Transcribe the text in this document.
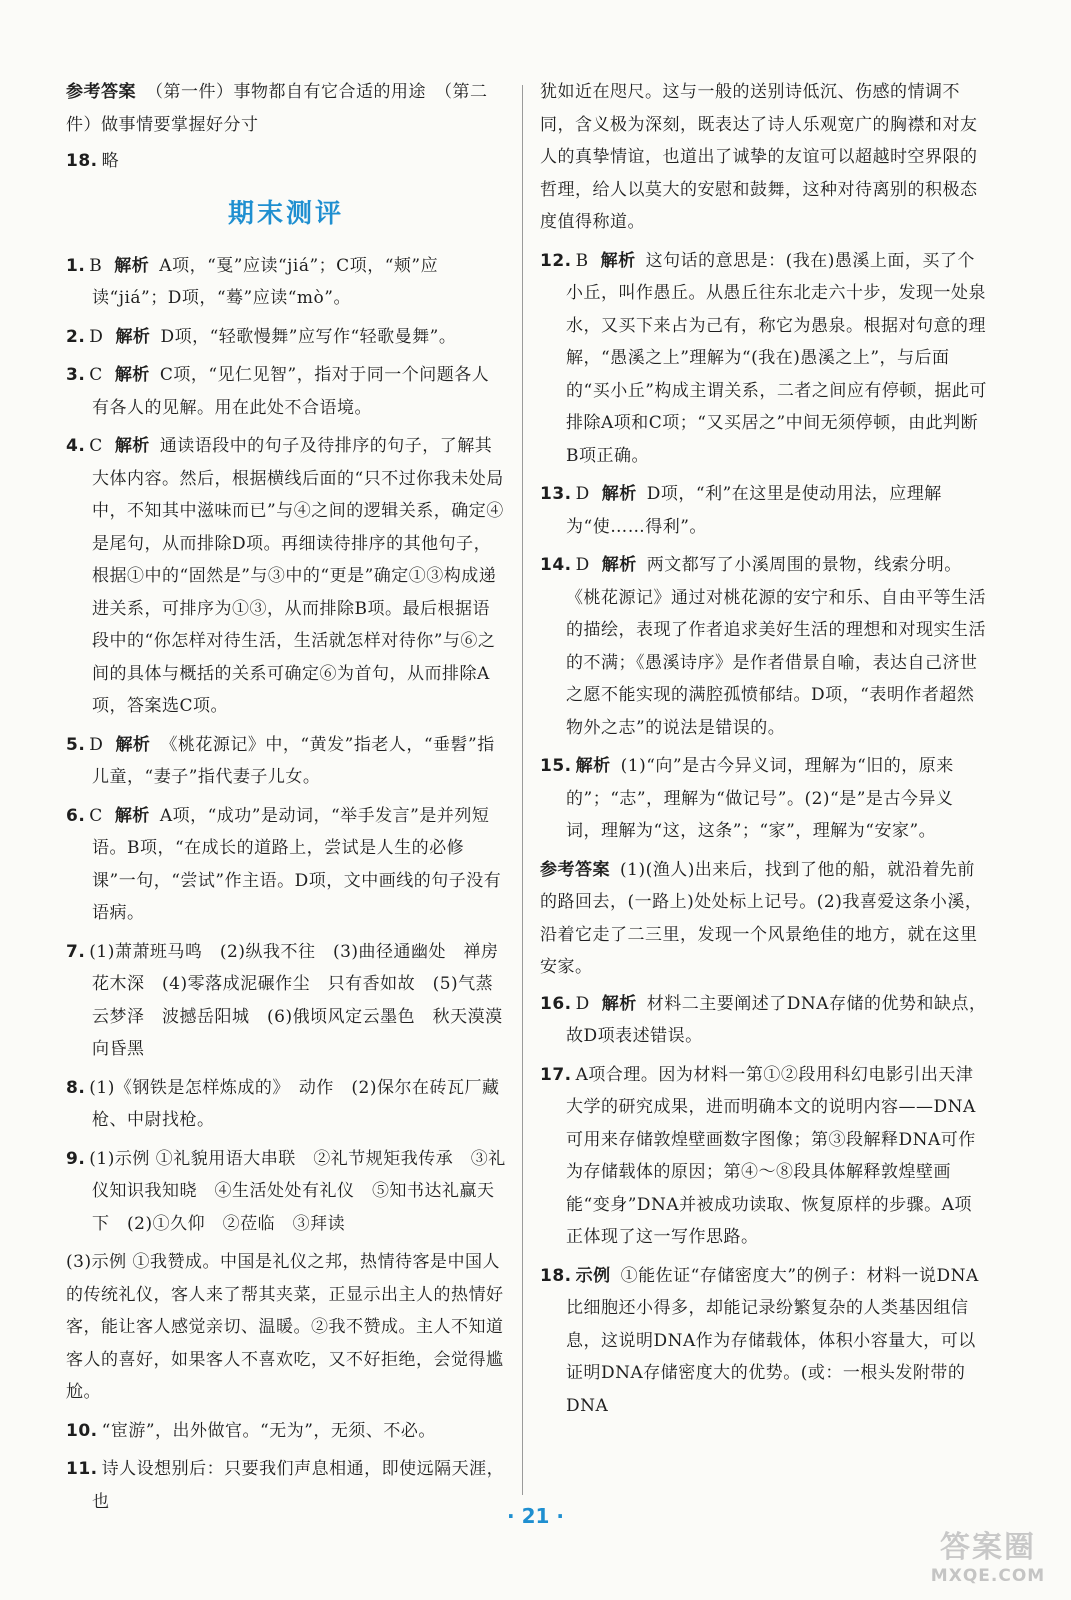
参考答案 （第一件）事物都自有它合适的用途　（第二件）做事情要掌握好分寸

18. 略

期末测评

1. B 解析 A项，“戛”应读“jiá”；C项，“颊”应读“jiá”；D项，“蓦”应读“mò”。

2. D 解析 D项，“轻歌慢舞”应写作“轻歌曼舞”。

3. C 解析 C项，“见仁见智”，指对于同一个问题各人有各人的见解。用在此处不合语境。

4. C 解析 通读语段中的句子及待排序的句子，了解其大体内容。然后，根据横线后面的“只不过你我未处局中，不知其中滋味而已”与④之间的逻辑关系，确定④是尾句，从而排除D项。再细读待排序的其他句子，根据①中的“固然是”与③中的“更是”确定①③构成递进关系，可排序为①③，从而排除B项。最后根据语段中的“你怎样对待生活，生活就怎样对待你”与⑥之间的具体与概括的关系可确定⑥为首句，从而排除A项，答案选C项。

5. D 解析 《桃花源记》中，“黄发”指老人，“垂髫”指儿童，“妻子”指代妻子儿女。

6. C 解析 A项，“成功”是动词，“举手发言”是并列短语。B项，“在成长的道路上，尝试是人生的必修课”一句，“尝试”作主语。D项，文中画线的句子没有语病。

7. (1)萧萧班马鸣　(2)纵我不往　(3)曲径通幽处　禅房花木深　(4)零落成泥碾作尘　只有香如故　(5)气蒸云梦泽　波撼岳阳城　(6)俄顷风定云墨色　秋天漠漠向昏黑

8. (1)《钢铁是怎样炼成的》　动作　(2)保尔在砖瓦厂藏枪、中尉找枪。

9. (1)示例 ①礼貌用语大串联　②礼节规矩我传承　③礼仪知识我知晓　④生活处处有礼仪　⑤知书达礼赢天下　(2)①久仰　②莅临　③拜读

(3)示例 ①我赞成。中国是礼仪之邦，热情待客是中国人的传统礼仪，客人来了帮其夹菜，正显示出主人的热情好客，能让客人感觉亲切、温暖。②我不赞成。主人不知道客人的喜好，如果客人不喜欢吃，又不好拒绝，会觉得尴尬。

10. “宦游”，出外做官。“无为”，无须、不必。

11. 诗人设想别后：只要我们声息相通，即使远隔天涯，也

犹如近在咫尺。这与一般的送别诗低沉、伤感的情调不同，含义极为深刻，既表达了诗人乐观宽广的胸襟和对友人的真挚情谊，也道出了诚挚的友谊可以超越时空界限的哲理，给人以莫大的安慰和鼓舞，这种对待离别的积极态度值得称道。

12. B 解析 这句话的意思是：(我在)愚溪上面，买了个小丘，叫作愚丘。从愚丘往东北走六十步，发现一处泉水，又买下来占为己有，称它为愚泉。根据对句意的理解，“愚溪之上”理解为“(我在)愚溪之上”，与后面的“买小丘”构成主谓关系，二者之间应有停顿，据此可排除A项和C项；“又买居之”中间无须停顿，由此判断B项正确。

13. D 解析 D项，“利”在这里是使动用法，应理解为“使……得利”。

14. D 解析 两文都写了小溪周围的景物，线索分明。《桃花源记》通过对桃花源的安宁和乐、自由平等生活的描绘，表现了作者追求美好生活的理想和对现实生活的不满；《愚溪诗序》是作者借景自喻，表达自己济世之愿不能实现的满腔孤愤郁结。D项，“表明作者超然物外之志”的说法是错误的。

15. 解析 (1)“向”是古今异义词，理解为“旧的，原来的”；“志”，理解为“做记号”。(2)“是”是古今异义词，理解为“这，这条”；“家”，理解为“安家”。

参考答案 (1)(渔人)出来后，找到了他的船，就沿着先前的路回去，(一路上)处处标上记号。(2)我喜爱这条小溪，沿着它走了二三里，发现一个风景绝佳的地方，就在这里安家。

16. D 解析 材料二主要阐述了DNA存储的优势和缺点，故D项表述错误。

17. A项合理。因为材料一第①②段用科幻电影引出天津大学的研究成果，进而明确本文的说明内容——DNA可用来存储敦煌壁画数字图像；第③段解释DNA可作为存储载体的原因；第④～⑧段具体解释敦煌壁画能“变身”DNA并被成功读取、恢复原样的步骤。A项正体现了这一写作思路。

18. 示例 ①能佐证“存储密度大”的例子：材料一说DNA比细胞还小得多，却能记录纷繁复杂的人类基因组信息，这说明DNA作为存储载体，体积小容量大，可以证明DNA存储密度大的优势。(或：一根头发附带的DNA

· 21 ·
答案圈
MXQE.COM
